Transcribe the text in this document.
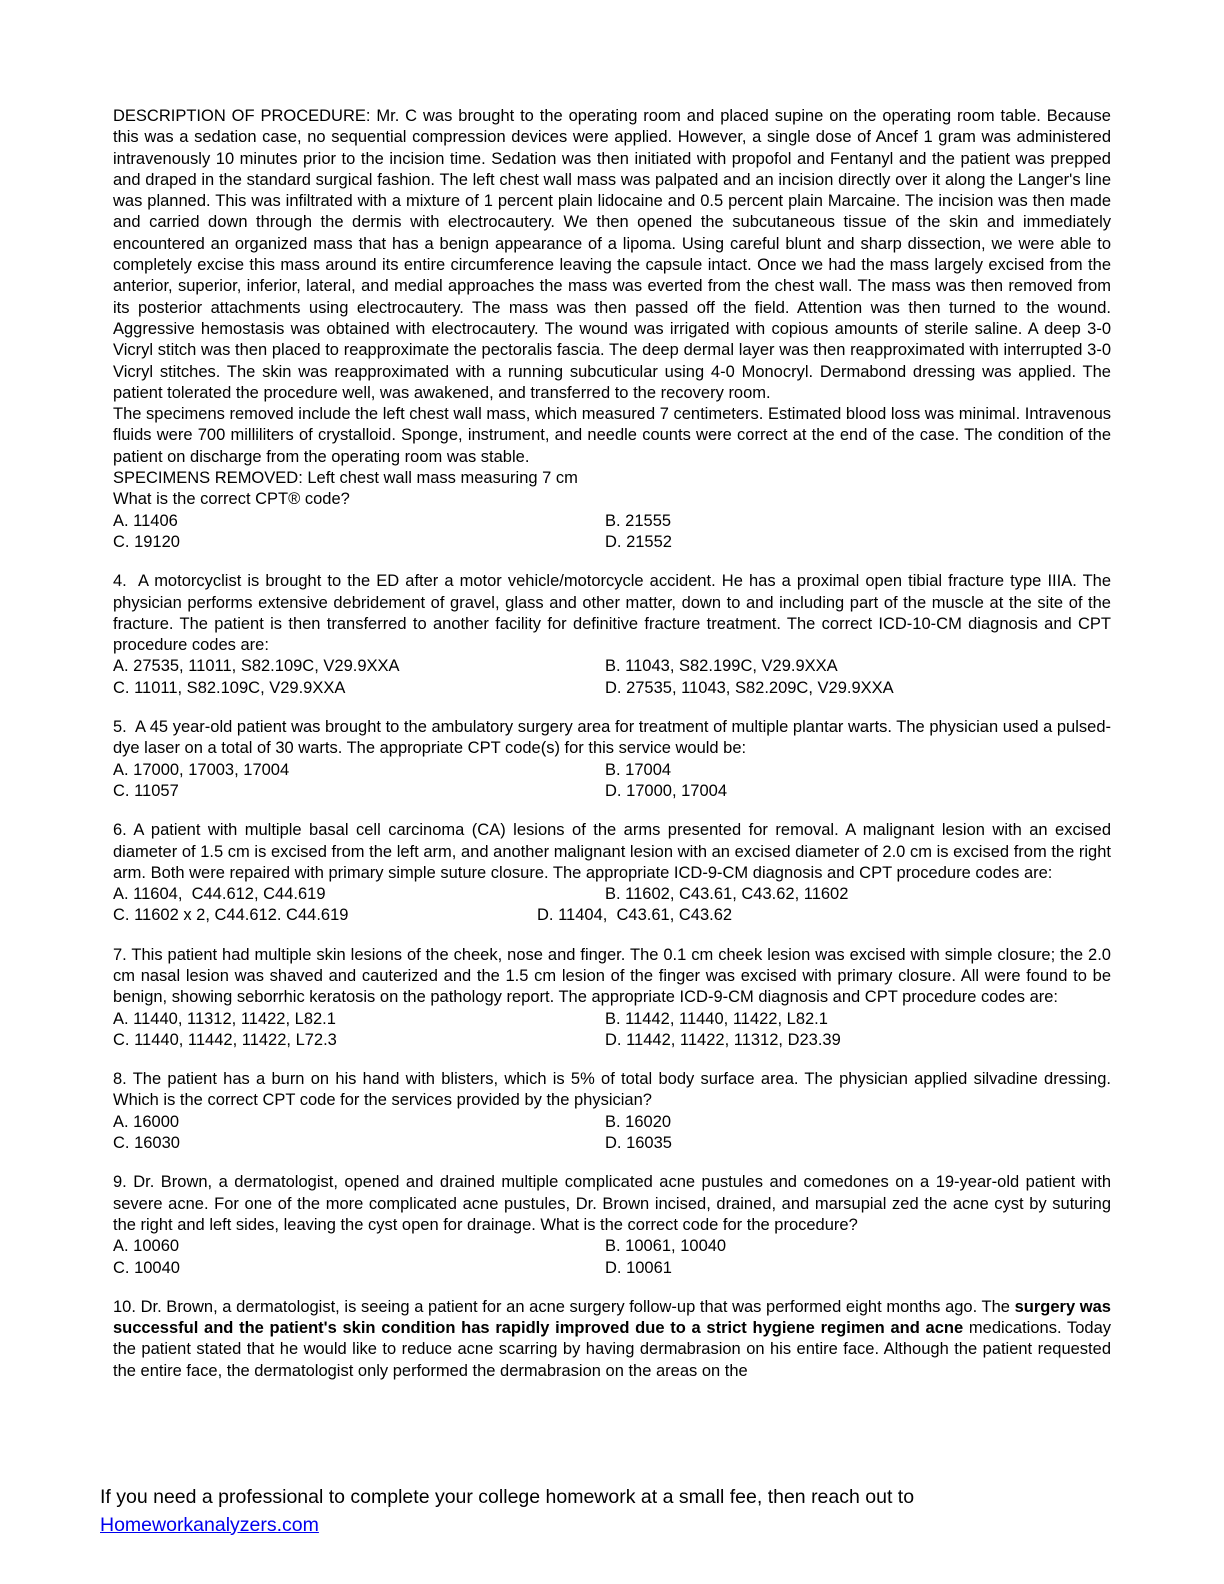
DESCRIPTION OF PROCEDURE: Mr. C was brought to the operating room and placed supine on the operating room table. Because this was a sedation case, no sequential compression devices were applied. However, a single dose of Ancef 1 gram was administered intravenously 10 minutes prior to the incision time. Sedation was then initiated with propofol and Fentanyl and the patient was prepped and draped in the standard surgical fashion. The left chest wall mass was palpated and an incision directly over it along the Langer's line was planned. This was infiltrated with a mixture of 1 percent plain lidocaine and 0.5 percent plain Marcaine. The incision was then made and carried down through the dermis with electrocautery. We then opened the subcutaneous tissue of the skin and immediately encountered an organized mass that has a benign appearance of a lipoma. Using careful blunt and sharp dissection, we were able to completely excise this mass around its entire circumference leaving the capsule intact. Once we had the mass largely excised from the anterior, superior, inferior, lateral, and medial approaches the mass was everted from the chest wall. The mass was then removed from its posterior attachments using electrocautery. The mass was then passed off the field. Attention was then turned to the wound. Aggressive hemostasis was obtained with electrocautery. The wound was irrigated with copious amounts of sterile saline. A deep 3-0 Vicryl stitch was then placed to reapproximate the pectoralis fascia. The deep dermal layer was then reapproximated with interrupted 3-0 Vicryl stitches. The skin was reapproximated with a running subcuticular using 4-0 Monocryl. Dermabond dressing was applied. The patient tolerated the procedure well, was awakened, and transferred to the recovery room.

The specimens removed include the left chest wall mass, which measured 7 centimeters. Estimated blood loss was minimal. Intravenous fluids were 700 milliliters of crystalloid. Sponge, instrument, and needle counts were correct at the end of the case. The condition of the patient on discharge from the operating room was stable.

SPECIMENS REMOVED: Left chest wall mass measuring 7 cm

What is the correct CPT® code?

A. 11406	B. 21555
C. 19120	D. 21552

4.  A motorcyclist is brought to the ED after a motor vehicle/motorcycle accident. He has a proximal open tibial fracture type IIIA. The physician performs extensive debridement of gravel, glass and other matter, down to and including part of the muscle at the site of the fracture. The patient is then transferred to another facility for definitive fracture treatment. The correct ICD-10-CM diagnosis and CPT procedure codes are:

A. 27535, 11011, S82.109C, V29.9XXA	B. 11043, S82.199C, V29.9XXA
C. 11011, S82.109C, V29.9XXA	D. 27535, 11043, S82.209C, V29.9XXA

5.  A 45 year-old patient was brought to the ambulatory surgery area for treatment of multiple plantar warts. The physician used a pulsed-dye laser on a total of 30 warts. The appropriate CPT code(s) for this service would be:

A. 17000, 17003, 17004	B. 17004
C. 11057	D. 17000, 17004

6. A patient with multiple basal cell carcinoma (CA) lesions of the arms presented for removal. A malignant lesion with an excised diameter of 1.5 cm is excised from the left arm, and another malignant lesion with an excised diameter of 2.0 cm is excised from the right arm. Both were repaired with primary simple suture closure. The appropriate ICD-9-CM diagnosis and CPT procedure codes are:

A. 11604,  C44.612, C44.619	B. 11602, C43.61, C43.62, 11602
C. 11602 x 2, C44.612. C44.619	D. 11404,  C43.61, C43.62

7. This patient had multiple skin lesions of the cheek, nose and finger. The 0.1 cm cheek lesion was excised with simple closure; the 2.0 cm nasal lesion was shaved and cauterized and the 1.5 cm lesion of the finger was excised with primary closure. All were found to be benign, showing seborrhic keratosis on the pathology report. The appropriate ICD-9-CM diagnosis and CPT procedure codes are:

A. 11440, 11312, 11422, L82.1	B. 11442, 11440, 11422, L82.1
C. 11440, 11442, 11422, L72.3	D. 11442, 11422, 11312, D23.39

8. The patient has a burn on his hand with blisters, which is 5% of total body surface area. The physician applied silvadine dressing. Which is the correct CPT code for the services provided by the physician?

A. 16000	B. 16020
C. 16030	D. 16035

9. Dr. Brown, a dermatologist, opened and drained multiple complicated acne pustules and comedones on a 19-year-old patient with severe acne. For one of the more complicated acne pustules, Dr. Brown incised, drained, and marsupial zed the acne cyst by suturing the right and left sides, leaving the cyst open for drainage. What is the correct code for the procedure?

A. 10060	B. 10061, 10040
C. 10040	D. 10061

10. Dr. Brown, a dermatologist, is seeing a patient for an acne surgery follow-up that was performed eight months ago. The surgery was successful and the patient's skin condition has rapidly improved due to a strict hygiene regimen and acne medications. Today the patient stated that he would like to reduce acne scarring by having dermabrasion on his entire face. Although the patient requested the entire face, the dermatologist only performed the dermabrasion on the areas on the

If you need a professional to complete your college homework at a small fee, then reach out to

Homeworkanalyzers.com
